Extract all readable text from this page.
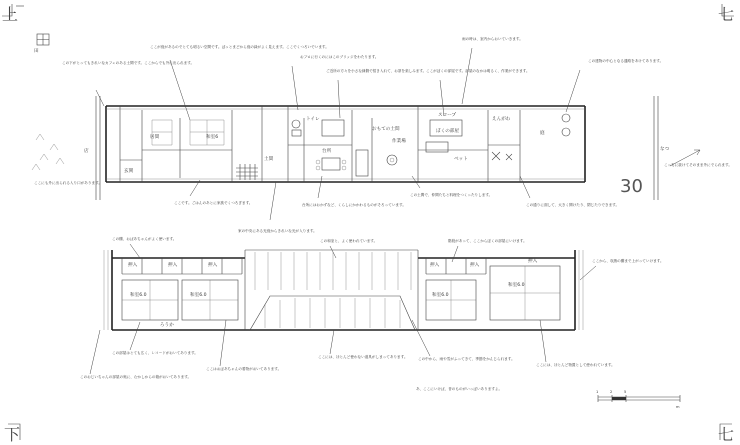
上	七
下	七
居間	和室6
玄関
トイレ
台所
スロープ
おもての土間
作業場
土間
ぼくの部屋
ベット
えんがわ
庭
店
30
なつ
この下がとってもきれいなカフェのある土間です。ここからでも外に出られます。
ここにも外に出られる入り口があります。
ここが庭があるのでとても明るい空間です。ぱっとまどから庭の緑がよく見えます。ここでくつろいでいます。
おフロに行くのにはこのブリッジをわたります。
ご近所の方々を小さな縁側で招き入れて、お茶を楽しみます。
雨の時は、室内からおいていきます。
ここがぼくの部屋です。部屋のなかは明るく、作業ができます。
この建物の中心となる通路をあけてあります。
ここです。ごはんのあとに家族でくつろぎます。
家の中央にある光庭からきれいな光が入ります。
台所にはおかずなど、くらしにかかわるものがそろっています。
この土間で、仲間たちと料理をつくったりします。
この通りに面して、大きく開けたり、閉じたりできます。
こっちに抜けてそのまま外にでられます。
押入	押入	押入	押入	押入
押入
和室6.0	和室6.0	和室6.0
和室6.0
ろうか
この棚、おばあちゃんがよく使います。	この和室と、よく使われています。	階段があって、ここからぼくの部屋にいけます。
ここから、収納の棚まで上がっていけます。
この部屋はとても広く、レコードがおいてあります。
ここはおばあちゃんの着物がおいてあります。
このおじいちゃんの部屋の奥に、むかしからの箱がおいてあります。
ここには、ほとんど使わない道具がしまってあります。	この中から、雨や雪がふってきて、季節をかんじられます。
ここには、ほとんど物置として使われています。
あ、ここにいけば、昔のものがいっぱいありますよ。
1	2	5
m
田
